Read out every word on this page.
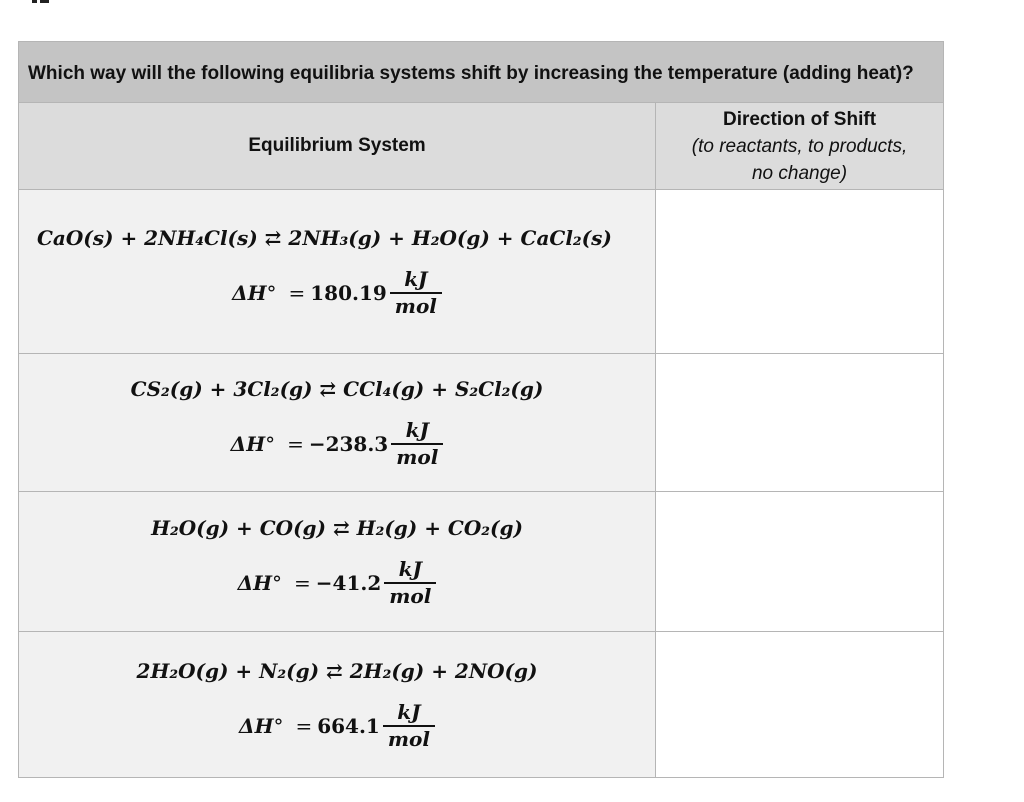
Which way will the following equilibria systems shift by increasing the temperature (adding heat)?	
Equilibrium System	Direction of Shift
(to reactants, to products, no change)

CaO(s) + 2NH₄Cl(s) ⇄ 2NH₃(g) + H₂O(g) + CaCl₂(s)
$\Delta H^\circ = 180.19 \frac{kJ}{\text{mol}}$

CS₂(g) + 3Cl₂(g) ⇄ CCl₄(g) + S₂Cl₂(g)
$\Delta H^\circ = -238.3 \frac{kJ}{\text{mol}}$

H₂O(g) + CO(g) ⇄ H₂(g) + CO₂(g)
$\Delta H^\circ = -41.2 \frac{kJ}{\text{mol}}$

2H₂O(g) + N₂(g) ⇄ 2H₂(g) + 2NO(g)
$\Delta H^\circ = 664.1 \frac{kJ}{\text{mol}}$
